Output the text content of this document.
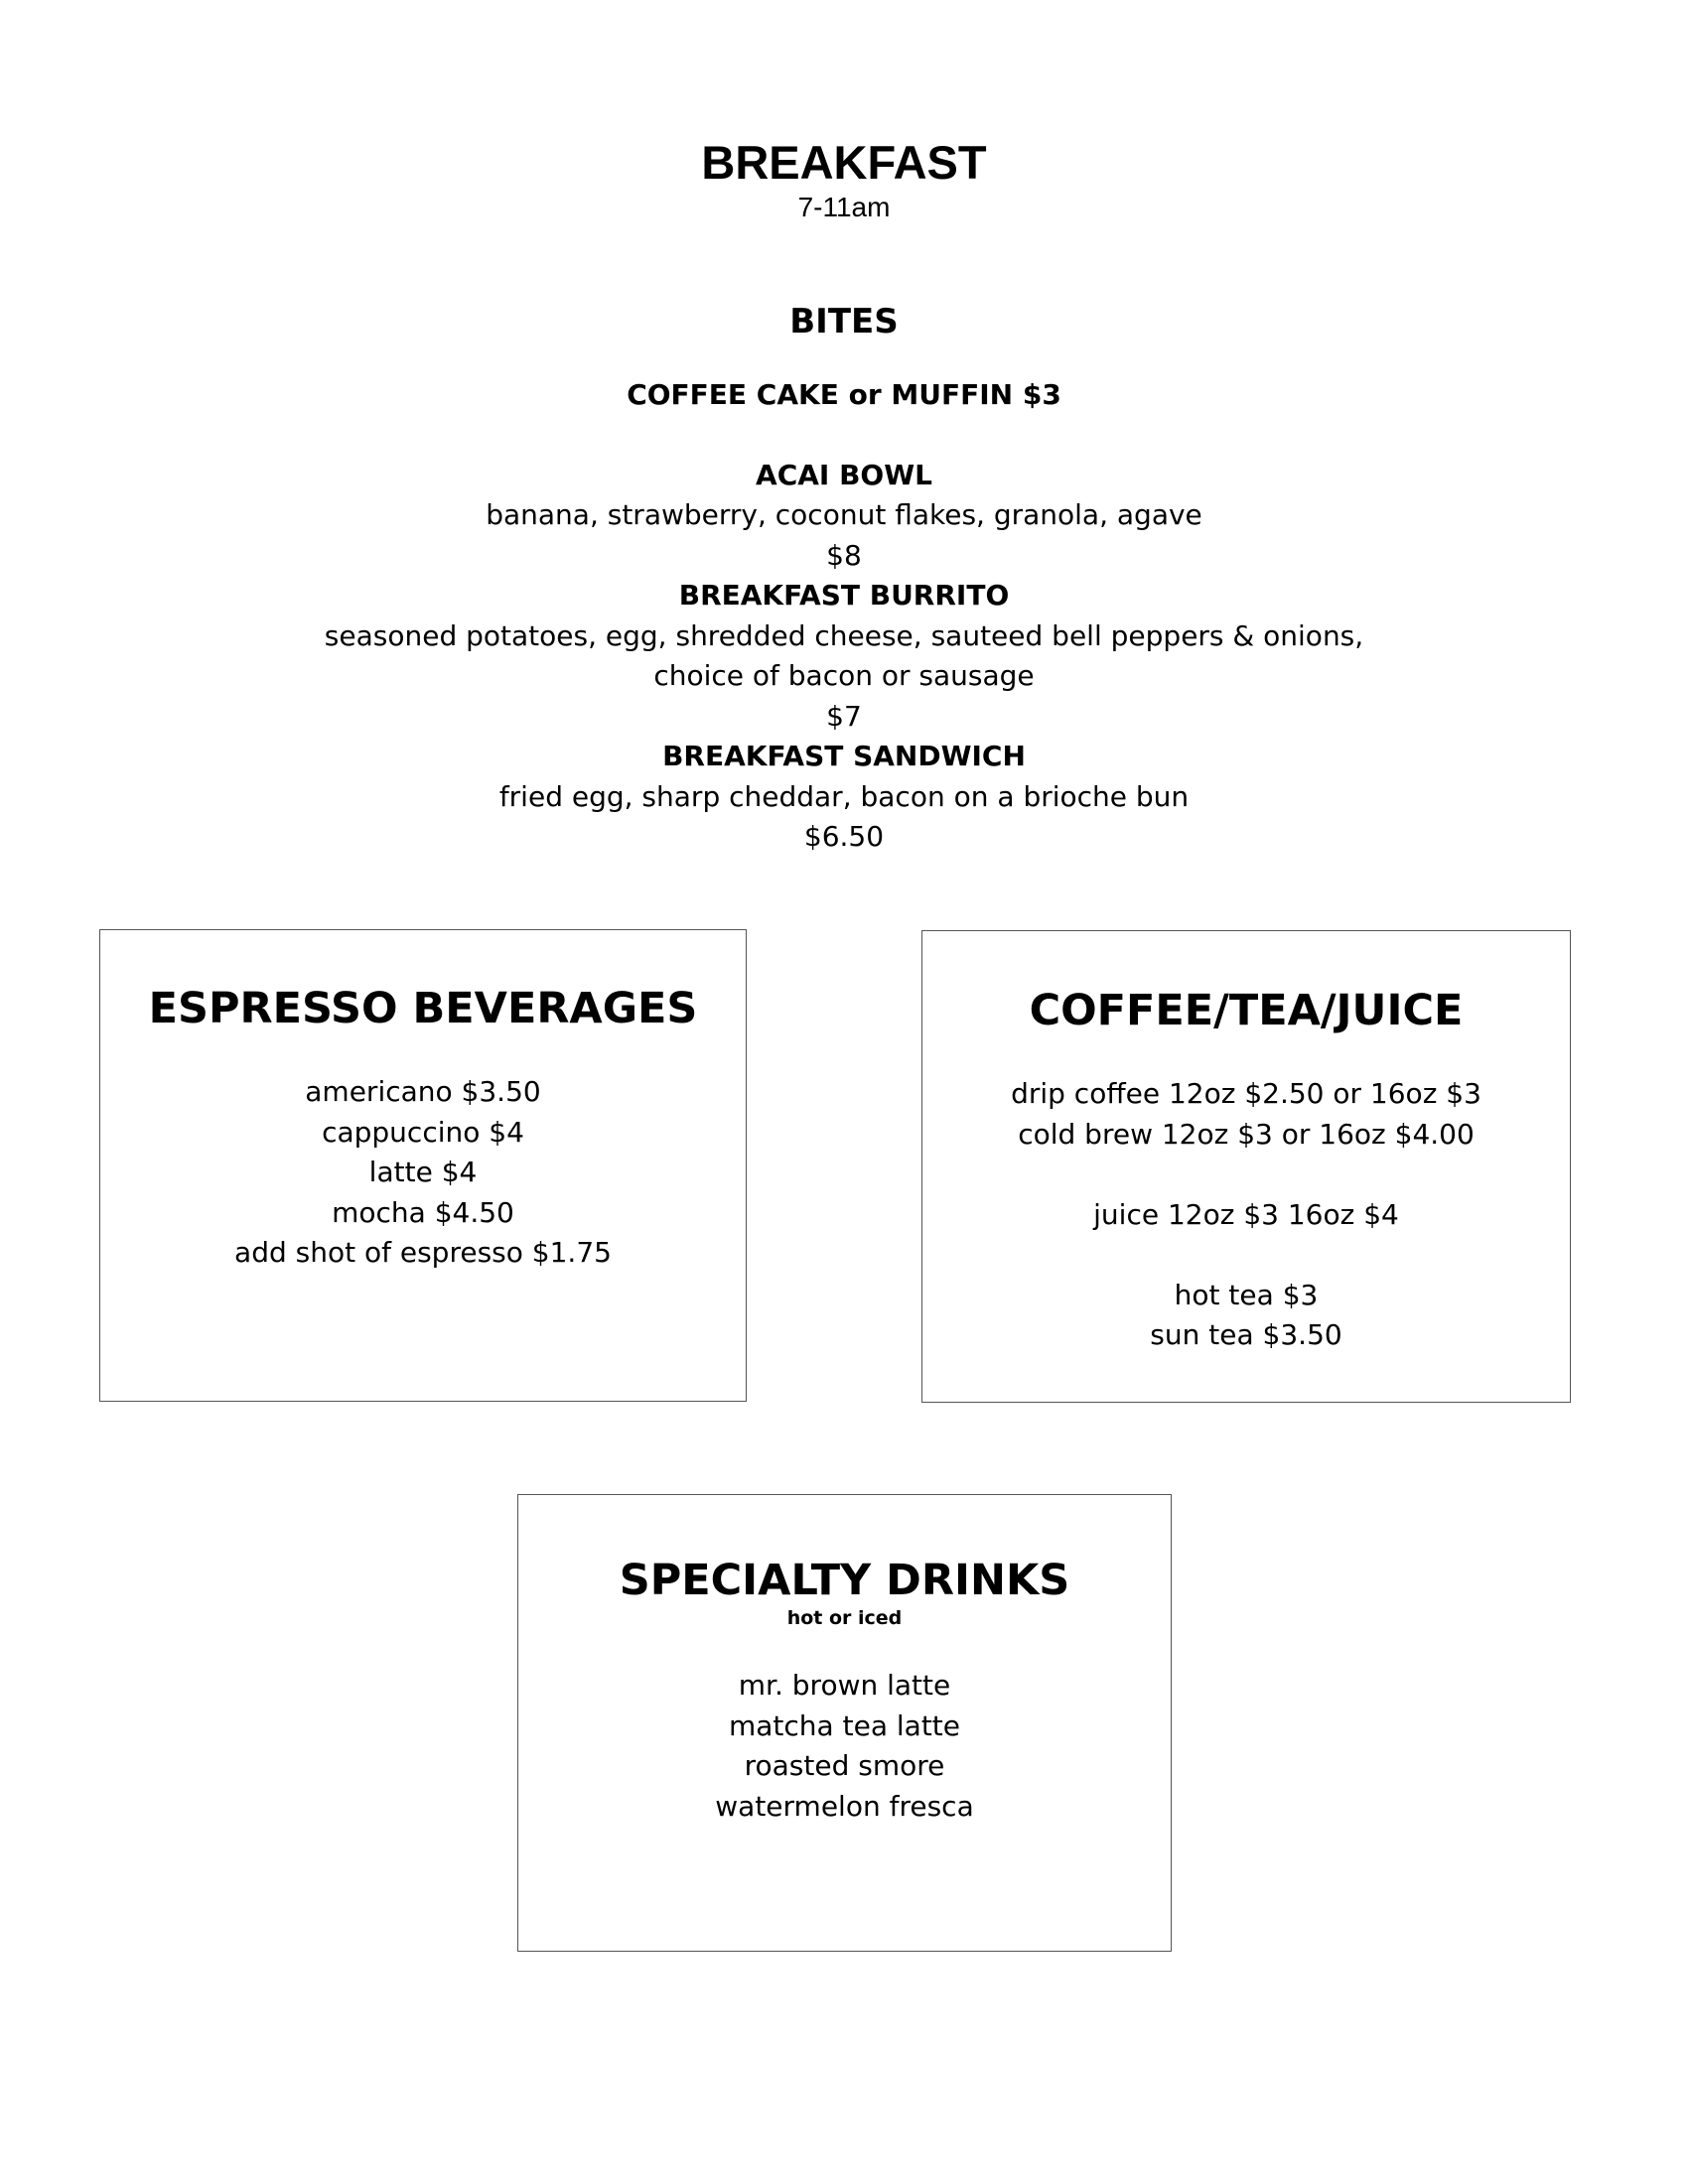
BREAKFAST
7-11am
BITES
COFFEE CAKE or MUFFIN $3
ACAI BOWL
banana, strawberry, coconut flakes, granola, agave
$8
BREAKFAST BURRITO
seasoned potatoes, egg, shredded cheese, sauteed bell peppers & onions,
choice of bacon or sausage
$7
BREAKFAST SANDWICH
fried egg, sharp cheddar, bacon on a brioche bun
$6.50
ESPRESSO BEVERAGES
americano $3.50
cappuccino $4
latte $4
mocha $4.50
add shot of espresso $1.75
COFFEE/TEA/JUICE
drip coffee 12oz $2.50 or 16oz $3
cold brew 12oz $3 or 16oz $4.00
juice 12oz $3 16oz $4
hot tea $3
sun tea $3.50
SPECIALTY DRINKS
hot or iced
mr. brown latte
matcha tea latte
roasted smore
watermelon fresca
